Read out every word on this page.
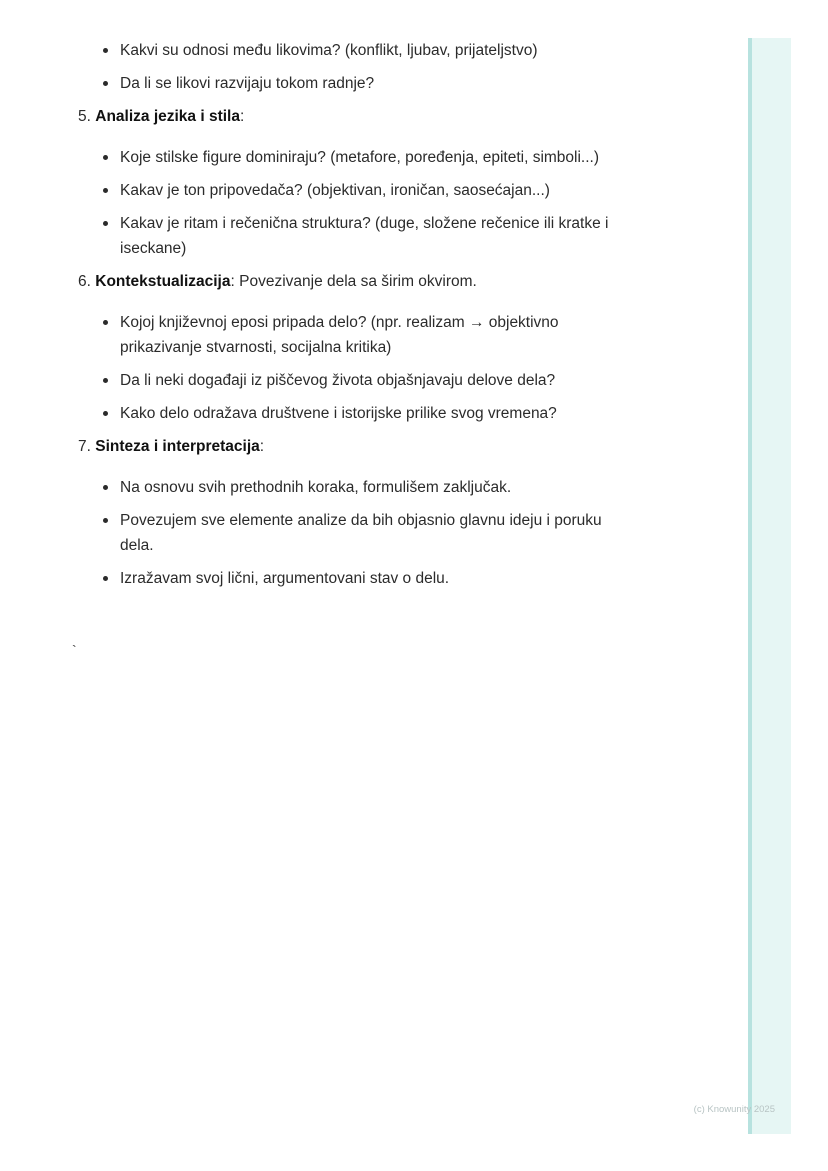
Kakvi su odnosi među likovima? (konflikt, ljubav, prijateljstvo)
Da li se likovi razvijaju tokom radnje?
5. Analiza jezika i stila:
Koje stilske figure dominiraju? (metafore, poređenja, epiteti, simboli...)
Kakav je ton pripovedača? (objektivan, ironičan, saosećajan...)
Kakav je ritam i rečenična struktura? (duge, složene rečenice ili kratke i iseckane)
6. Kontekstualizacija: Povezivanje dela sa širim okvirom.
Kojoj književnoj eposi pripada delo? (npr. realizam → objektivno prikazivanje stvarnosti, socijalna kritika)
Da li neki događaji iz piščevog života objašnjavaju delove dela?
Kako delo odražava društvene i istorijske prilike svog vremena?
7. Sinteza i interpretacija:
Na osnovu svih prethodnih koraka, formulišem zaključak.
Povezujem sve elemente analize da bih objasnio glavnu ideju i poruku dela.
Izražavam svoj lični, argumentovani stav o delu.
`
(c) Knowunity 2025
